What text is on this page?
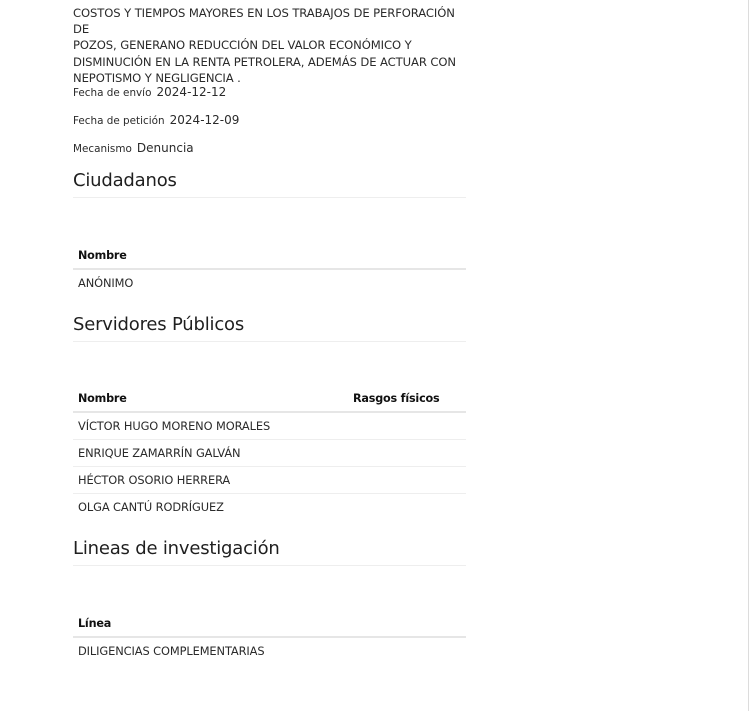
COSTOS Y TIEMPOS MAYORES EN LOS TRABAJOS DE PERFORACIÓN DE
POZOS, GENERANO REDUCCIÓN DEL VALOR ECONÓMICO Y
DISMINUCIÓN EN LA RENTA PETROLERA, ADEMÁS DE ACTUAR CON
NEPOTISMO Y NEGLIGENCIA .

Fecha de envío 2024-12-12

Fecha de petición 2024-12-09

Mecanismo Denuncia

Ciudadanos
Nombre
ANÓNIMO
Servidores Públicos
Nombre	Rasgos físicos
VÍCTOR HUGO MORENO MORALES	
ENRIQUE ZAMARRÍN GALVÁN	
HÉCTOR OSORIO HERRERA	
OLGA CANTÚ RODRÍGUEZ	
Lineas de investigación
Línea
DILIGENCIAS COMPLEMENTARIAS
